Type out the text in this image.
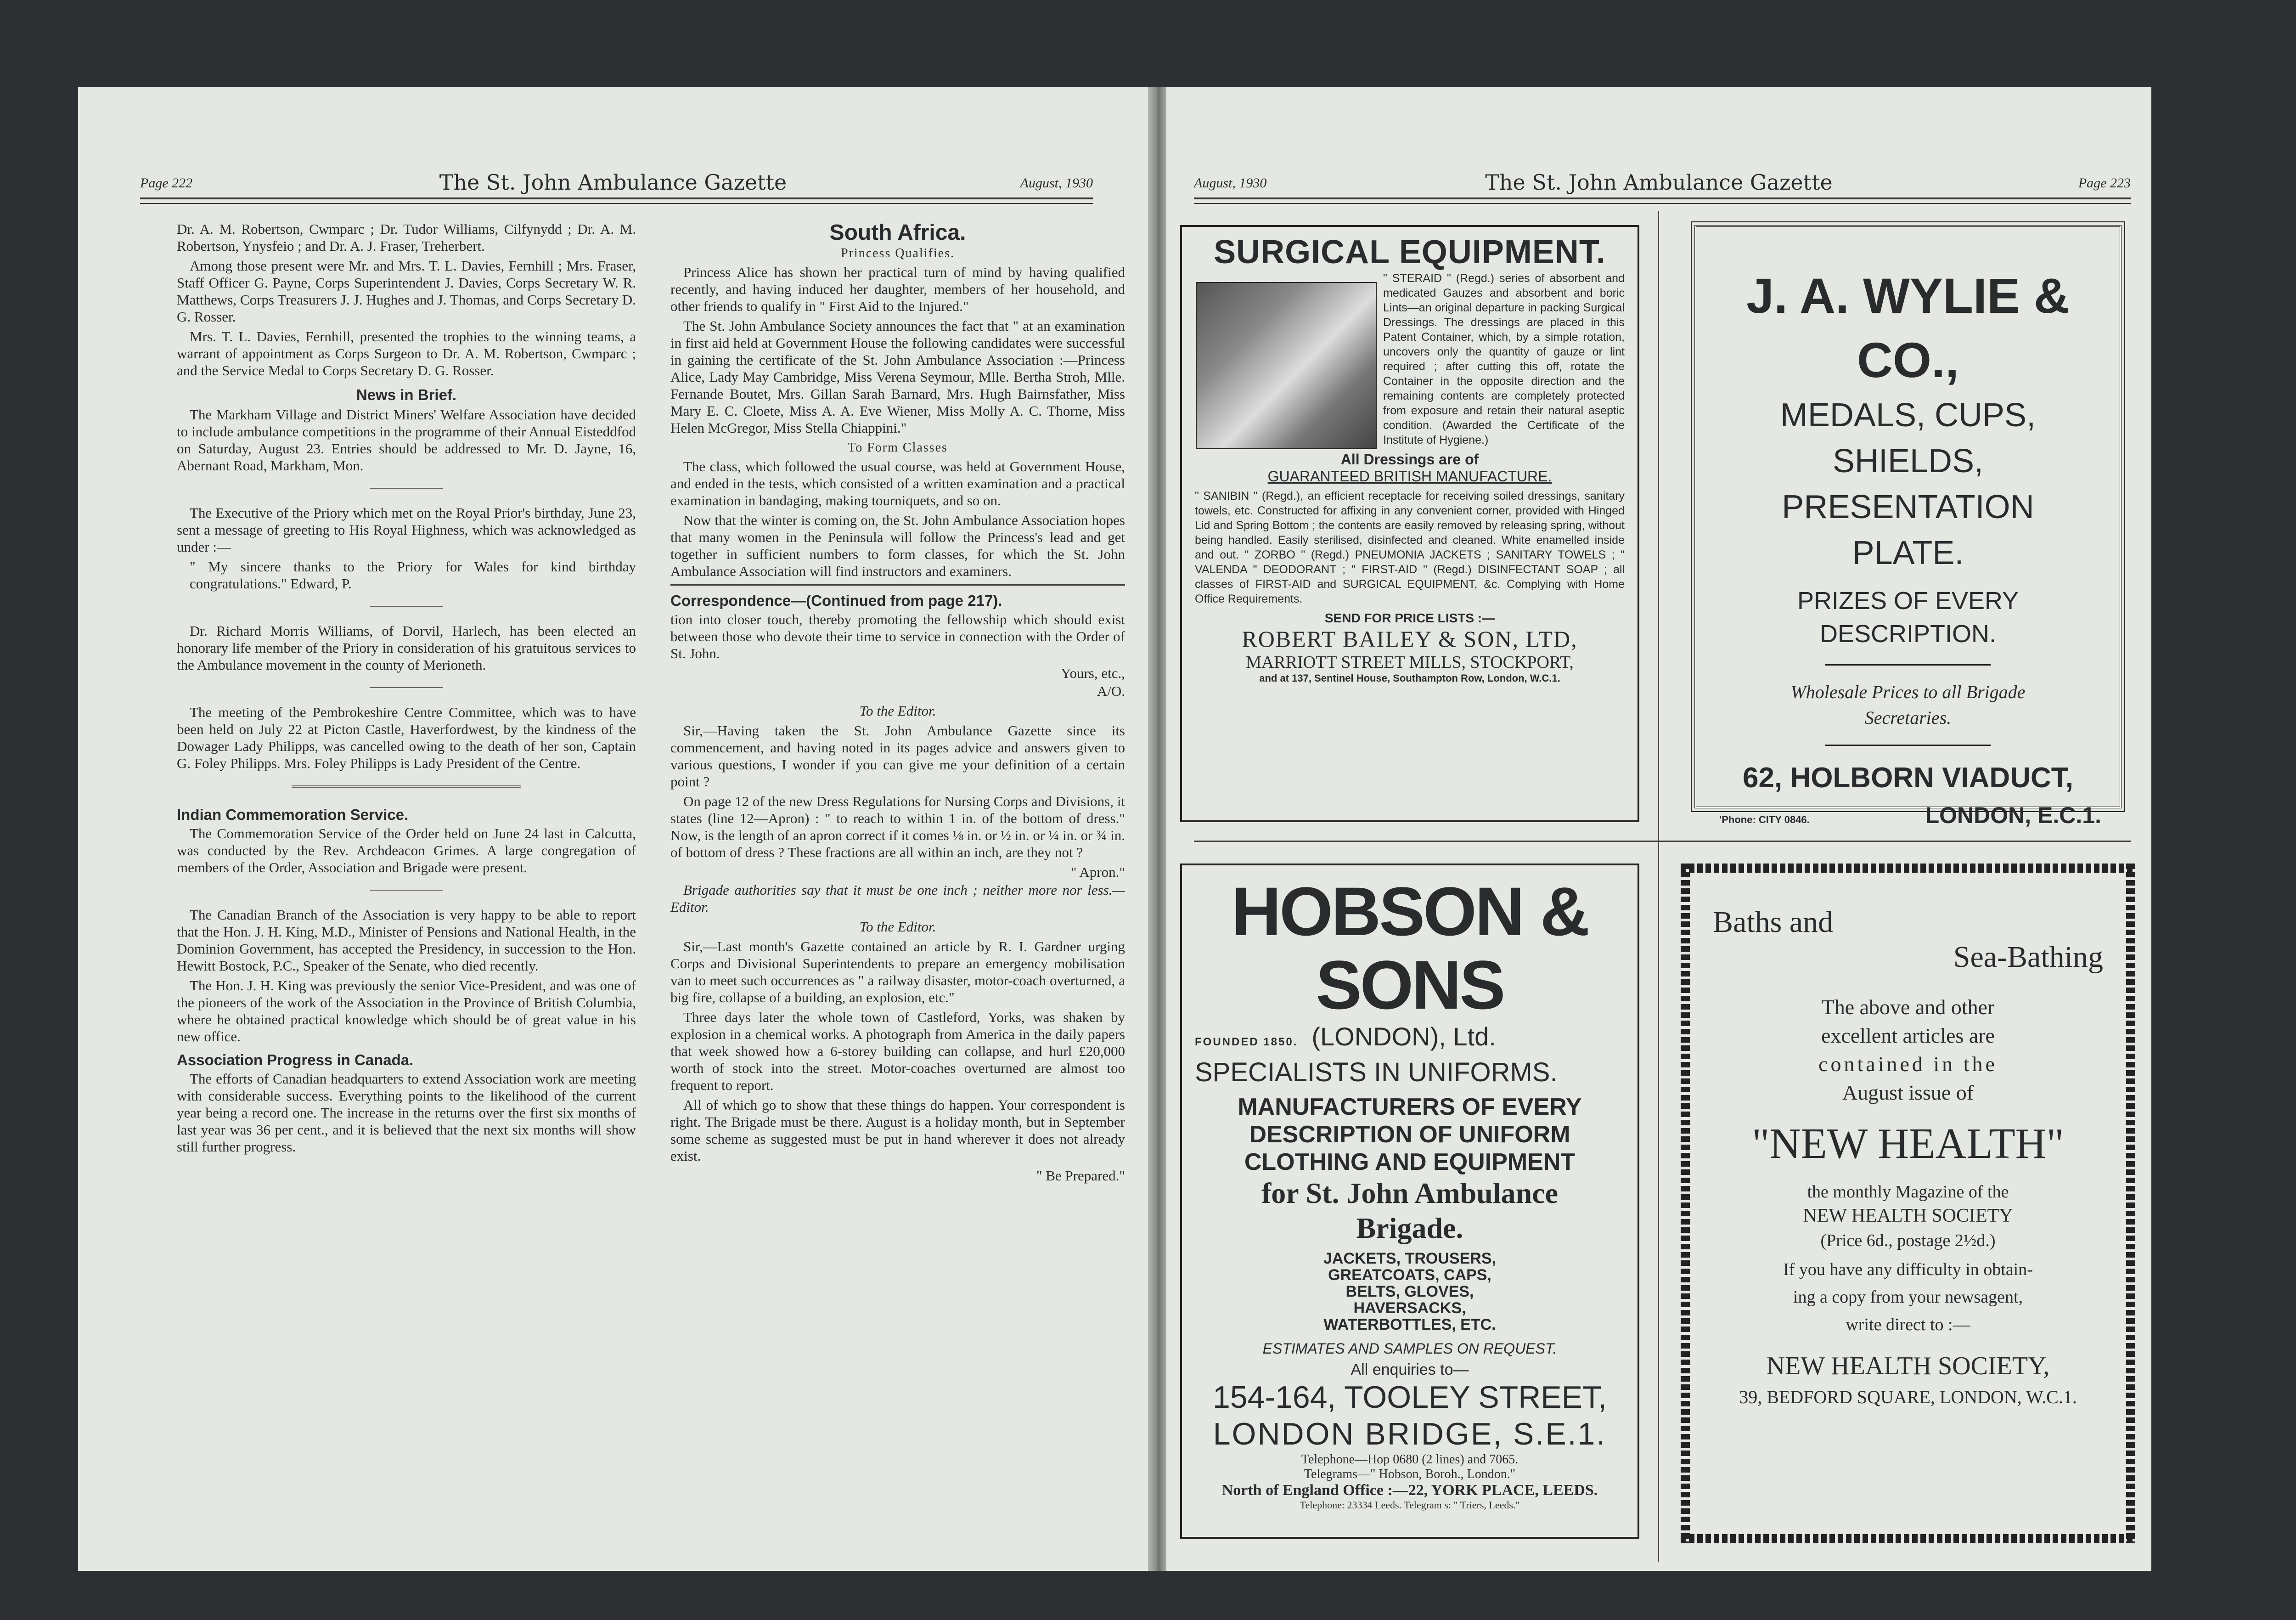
Page 222	The St. John Ambulance Gazette	August, 1930

Dr. A. M. Robertson, Cwmparc ; Dr. Tudor Williams, Cilfynydd ; Dr. A. M. Robertson, Ynysfeio ; and Dr. A. J. Fraser, Treherbert.

Among those present were Mr. and Mrs. T. L. Davies, Fernhill ; Mrs. Fraser, Staff Officer G. Payne, Corps Superintendent J. Davies, Corps Secretary W. R. Matthews, Corps Treasurers J. J. Hughes and J. Thomas, and Corps Secretary D. G. Rosser.

Mrs. T. L. Davies, Fernhill, presented the trophies to the winning teams, a warrant of appointment as Corps Surgeon to Dr. A. M. Robertson, Cwmparc ; and the Service Medal to Corps Secretary D. G. Rosser.

News in Brief.

The Markham Village and District Miners' Welfare Association have decided to include ambulance competitions in the programme of their Annual Eisteddfod on Saturday, August 23. Entries should be addressed to Mr. D. Jayne, 16, Abernant Road, Markham, Mon.

The Executive of the Priory which met on the Royal Prior's birthday, June 23, sent a message of greeting to His Royal Highness, which was acknowledged as under :—

" My sincere thanks to the Priory for Wales for kind birthday congratulations." Edward, P.

Dr. Richard Morris Williams, of Dorvil, Harlech, has been elected an honorary life member of the Priory in consideration of his gratuitous services to the Ambulance movement in the county of Merioneth.

The meeting of the Pembrokeshire Centre Committee, which was to have been held on July 22 at Picton Castle, Haverfordwest, by the kindness of the Dowager Lady Philipps, was cancelled owing to the death of her son, Captain G. Foley Philipps. Mrs. Foley Philipps is Lady President of the Centre.

Indian Commemoration Service.

The Commemoration Service of the Order held on June 24 last in Calcutta, was conducted by the Rev. Archdeacon Grimes. A large congregation of members of the Order, Association and Brigade were present.

The Canadian Branch of the Association is very happy to be able to report that the Hon. J. H. King, M.D., Minister of Pensions and National Health, in the Dominion Government, has accepted the Presidency, in succession to the Hon. Hewitt Bostock, P.C., Speaker of the Senate, who died recently.

The Hon. J. H. King was previously the senior Vice-President, and was one of the pioneers of the work of the Association in the Province of British Columbia, where he obtained practical knowledge which should be of great value in his new office.

Association Progress in Canada.

The efforts of Canadian headquarters to extend Association work are meeting with considerable success. Everything points to the likelihood of the current year being a record one. The increase in the returns over the first six months of last year was 36 per cent., and it is believed that the next six months will show still further progress.

South Africa.
Princess Qualifies.

Princess Alice has shown her practical turn of mind by having qualified recently, and having induced her daughter, members of her household, and other friends to qualify in " First Aid to the Injured."

The St. John Ambulance Society announces the fact that " at an examination in first aid held at Government House the following candidates were successful in gaining the certificate of the St. John Ambulance Association :—Princess Alice, Lady May Cambridge, Miss Verena Seymour, Mlle. Bertha Stroh, Mlle. Fernande Boutet, Mrs. Gillan Sarah Barnard, Mrs. Hugh Bairnsfather, Miss Mary E. C. Cloete, Miss A. A. Eve Wiener, Miss Molly A. C. Thorne, Miss Helen McGregor, Miss Stella Chiappini."

To Form Classes

The class, which followed the usual course, was held at Government House, and ended in the tests, which consisted of a written examination and a practical examination in bandaging, making tourniquets, and so on.

Now that the winter is coming on, the St. John Ambulance Association hopes that many women in the Peninsula will follow the Princess's lead and get together in sufficient numbers to form classes, for which the St. John Ambulance Association will find instructors and examiners.

Correspondence—(Continued from page 217).

tion into closer touch, thereby promoting the fellowship which should exist between those who devote their time to service in connection with the Order of St. John.

Yours, etc.,

A/O.

To the Editor.

Sir,—Having taken the St. John Ambulance Gazette since its commencement, and having noted in its pages advice and answers given to various questions, I wonder if you can give me your definition of a certain point ?

On page 12 of the new Dress Regulations for Nursing Corps and Divisions, it states (line 12—Apron) : " to reach to within 1 in. of the bottom of dress." Now, is the length of an apron correct if it comes ⅛ in. or ½ in. or ¼ in. or ¾ in. of bottom of dress ? These fractions are all within an inch, are they not ?

" Apron."

Brigade authorities say that it must be one inch ; neither more nor less.—Editor.

To the Editor.

Sir,—Last month's Gazette contained an article by R. I. Gardner urging Corps and Divisional Superintendents to prepare an emergency mobilisation van to meet such occurrences as " a railway disaster, motor-coach overturned, a big fire, collapse of a building, an explosion, etc."

Three days later the whole town of Castleford, Yorks, was shaken by explosion in a chemical works. A photograph from America in the daily papers that week showed how a 6-storey building can collapse, and hurl £20,000 worth of stock into the street. Motor-coaches overturned are almost too frequent to report.

All of which go to show that these things do happen. Your correspondent is right. The Brigade must be there. August is a holiday month, but in September some scheme as suggested must be put in hand wherever it does not already exist.

" Be Prepared."

August, 1930	The St. John Ambulance Gazette	Page 223
SURGICAL EQUIPMENT.
" STERAID " (Regd.) series of absorbent and medicated Gauzes and absorbent and boric Lints—an original departure in packing Surgical Dressings. The dressings are placed in this Patent Container, which, by a simple rotation, uncovers only the quantity of gauze or lint required ; after cutting this off, rotate the Container in the opposite direction and the remaining contents are completely protected from exposure and retain their natural aseptic condition. (Awarded the Certificate of the Institute of Hygiene.)
All Dressings are of
GUARANTEED BRITISH MANUFACTURE.
" SANIBIN " (Regd.), an efficient receptacle for receiving soiled dressings, sanitary towels, etc. Constructed for affixing in any convenient corner, provided with Hinged Lid and Spring Bottom ; the contents are easily removed by releasing spring, without being handled. Easily sterilised, disinfected and cleaned. White enamelled inside and out. " ZORBO " (Regd.) PNEUMONIA JACKETS ; SANITARY TOWELS ; " VALENDA " DEODORANT ; " FIRST-AID " (Regd.) DISINFECTANT SOAP ; all classes of FIRST-AID and SURGICAL EQUIPMENT, &c. Complying with Home Office Requirements.
SEND FOR PRICE LISTS :—
ROBERT BAILEY & SON, LTD,
MARRIOTT STREET MILLS, STOCKPORT,
and at 137, Sentinel House, Southampton Row, London, W.C.1.
J. A. WYLIE & CO.,
MEDALS, CUPS,
SHIELDS,
PRESENTATION
PLATE.
PRIZES OF EVERY
DESCRIPTION.
Wholesale Prices to all Brigade
Secretaries.
62, HOLBORN VIADUCT,
'Phone: CITY 0846.	LONDON, E.C.1.
HOBSON & SONS
FOUNDED 1850. (LONDON), Ltd.
SPECIALISTS IN UNIFORMS.
MANUFACTURERS OF EVERY
DESCRIPTION OF UNIFORM
CLOTHING AND EQUIPMENT
for St. John Ambulance
Brigade.
JACKETS, TROUSERS, GREATCOATS, CAPS, BELTS, GLOVES, HAVERSACKS, WATERBOTTLES, ETC.
ESTIMATES AND SAMPLES ON REQUEST.
All enquiries to—
154-164, TOOLEY STREET,
LONDON BRIDGE, S.E.1.
Telephone—Hop 0680 (2 lines) and 7065.
Telegrams—" Hobson, Boroh., London."
North of England Office :—22, YORK PLACE, LEEDS.
Telephone: 23334 Leeds. Telegram s: " Triers, Leeds."
Baths and
Sea-Bathing
The above and other
excellent articles are
contained in the
August issue of
"NEW HEALTH"
the monthly Magazine of the
NEW HEALTH SOCIETY
(Price 6d., postage 2½d.)
If you have any difficulty in obtain-
ing a copy from your newsagent,
write direct to :—
NEW HEALTH SOCIETY,
39, BEDFORD SQUARE, LONDON, W.C.1.
